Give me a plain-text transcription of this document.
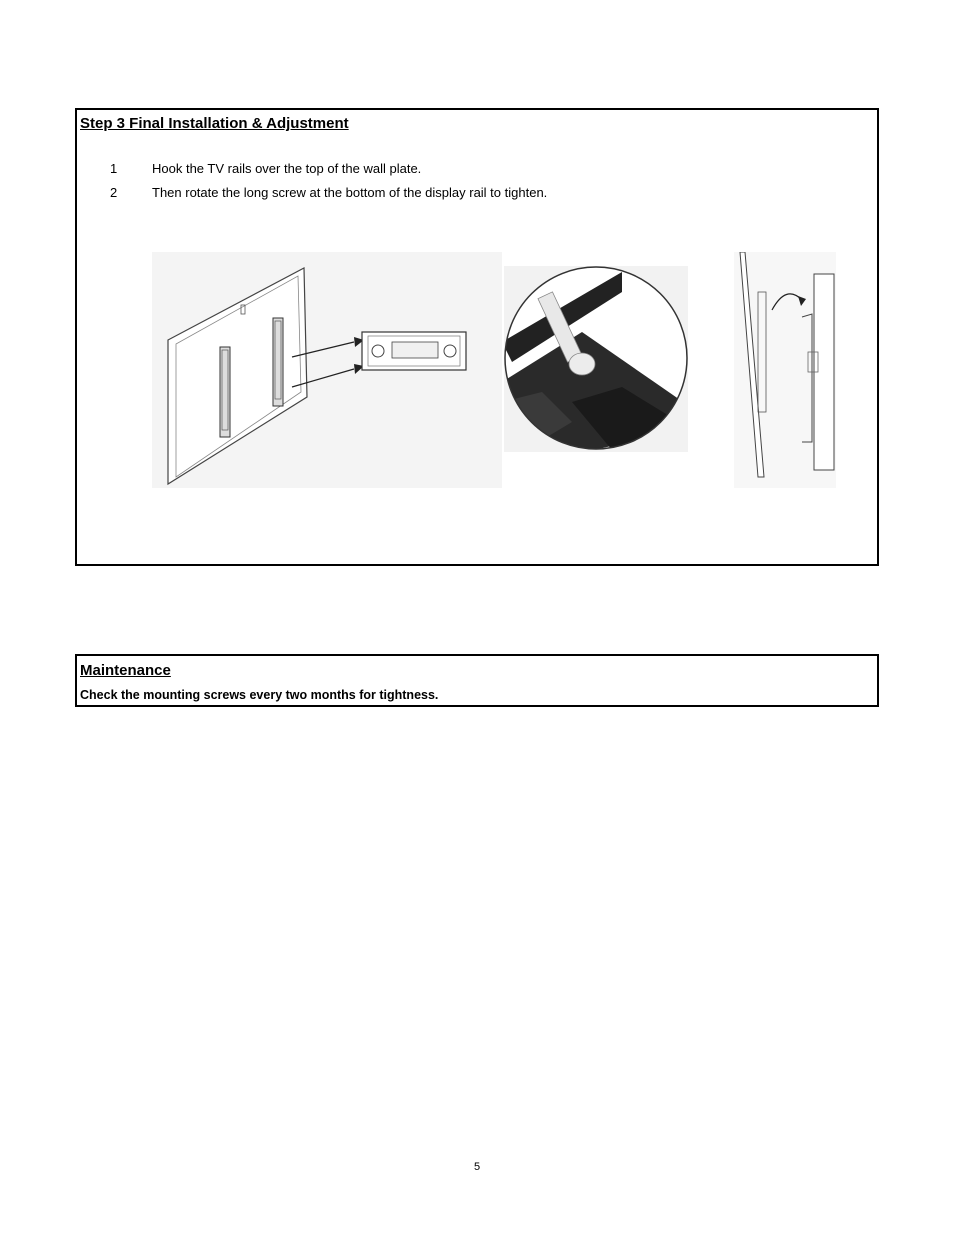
Step 3 Final Installation & Adjustment
1	Hook the TV rails over the top of the wall plate.
2	Then rotate the long screw at the bottom of the display rail to tighten.
Maintenance
Check the mounting screws every two months for tightness.
5
